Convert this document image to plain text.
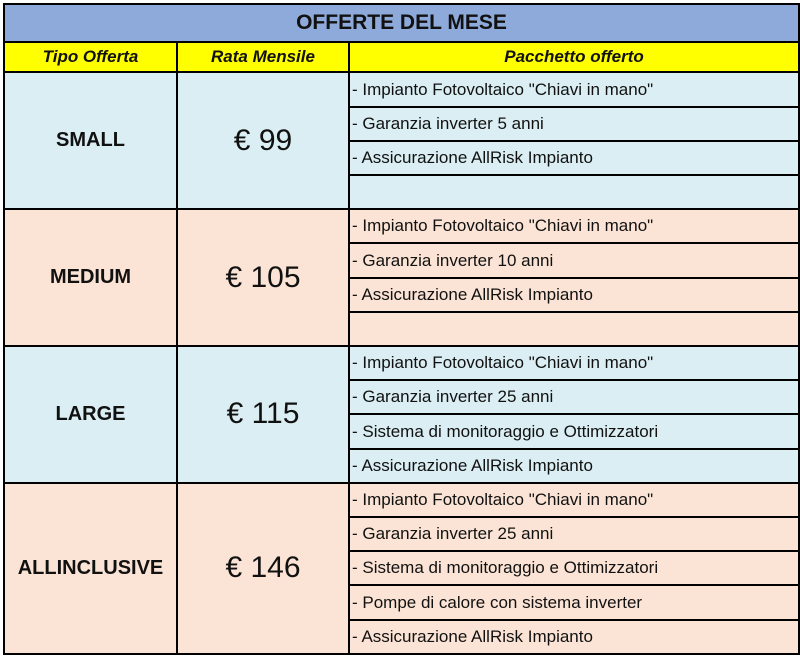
OFFERTE DEL MESE		
Tipo Offerta	Rata Mensile	Pacchetto offerto
SMALL	€ 99	- Impianto Fotovoltaico "Chiavi in mano"
		- Garanzia inverter 5 anni
		- Assicurazione AllRisk Impianto

MEDIUM	€ 105	- Impianto Fotovoltaico "Chiavi in mano"
		- Garanzia inverter 10 anni
		- Assicurazione AllRisk Impianto

LARGE	€ 115	- Impianto Fotovoltaico "Chiavi in mano"
		- Garanzia inverter 25 anni
		- Sistema di monitoraggio e Ottimizzatori
		- Assicurazione AllRisk Impianto
ALLINCLUSIVE	€ 146	- Impianto Fotovoltaico "Chiavi in mano"
		- Garanzia inverter 25 anni
		- Sistema di monitoraggio e Ottimizzatori
		- Pompe di calore con sistema inverter
		- Assicurazione AllRisk Impianto
